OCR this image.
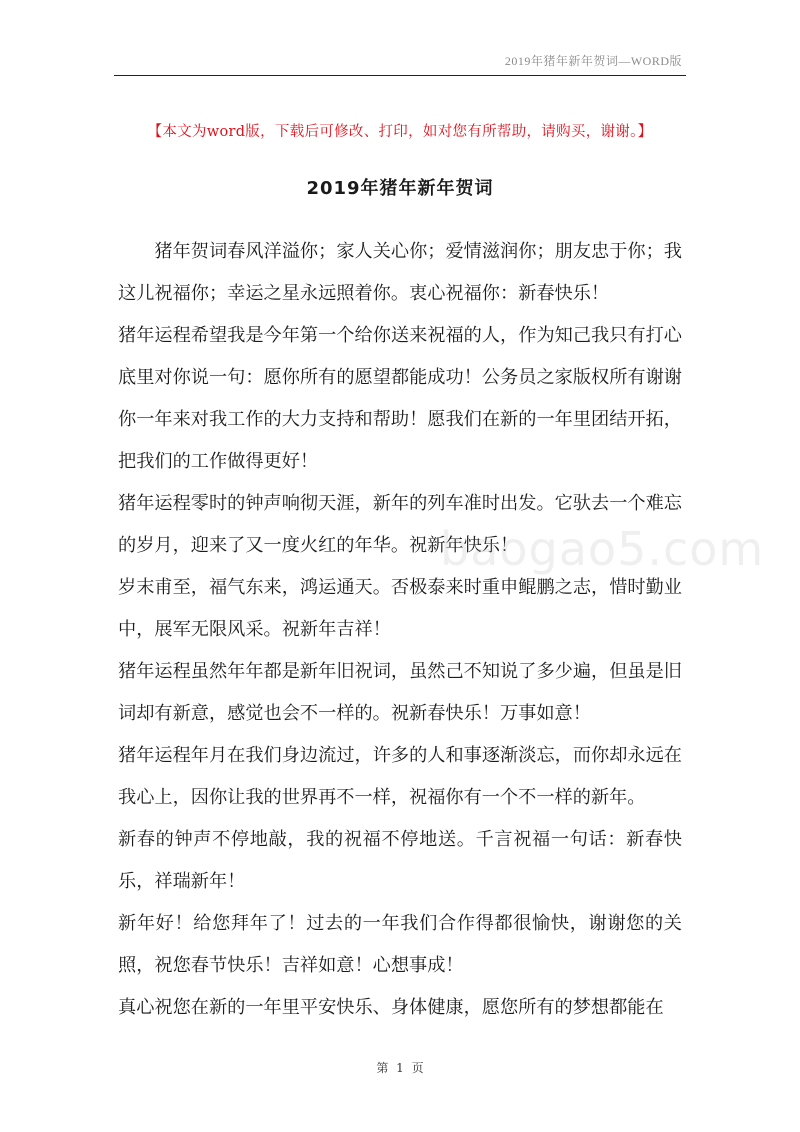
2019年猪年新年贺词—WORD版
【本文为word版，下载后可修改、打印，如对您有所帮助，请购买，谢谢。】
2019年猪年新年贺词

猪年贺词春风洋溢你；家人关心你；爱情滋润你；朋友忠于你；我这儿祝福你；幸运之星永远照着你。衷心祝福你：新春快乐！

猪年运程希望我是今年第一个给你送来祝福的人，作为知己我只有打心底里对你说一句：愿你所有的愿望都能成功！公务员之家版权所有谢谢你一年来对我工作的大力支持和帮助！愿我们在新的一年里团结开拓，把我们的工作做得更好！

猪年运程零时的钟声响彻天涯，新年的列车准时出发。它驮去一个难忘的岁月，迎来了又一度火红的年华。祝新年快乐！

岁末甫至，福气东来，鸿运通天。否极泰来时重申鲲鹏之志，惜时勤业中，展军无限风采。祝新年吉祥！

猪年运程虽然年年都是新年旧祝词，虽然己不知说了多少遍，但虽是旧词却有新意，感觉也会不一样的。祝新春快乐！万事如意！

猪年运程年月在我们身边流过，许多的人和事逐渐淡忘，而你却永远在我心上，因你让我的世界再不一样，祝福你有一个不一样的新年。

新春的钟声不停地敲，我的祝福不停地送。千言祝福一句话：新春快乐，祥瑞新年！

新年好！给您拜年了！过去的一年我们合作得都很愉快，谢谢您的关照，祝您春节快乐！吉祥如意！心想事成！

真心祝您在新的一年里平安快乐、身体健康，愿您所有的梦想都能在

baogao5.com
第 1 页
